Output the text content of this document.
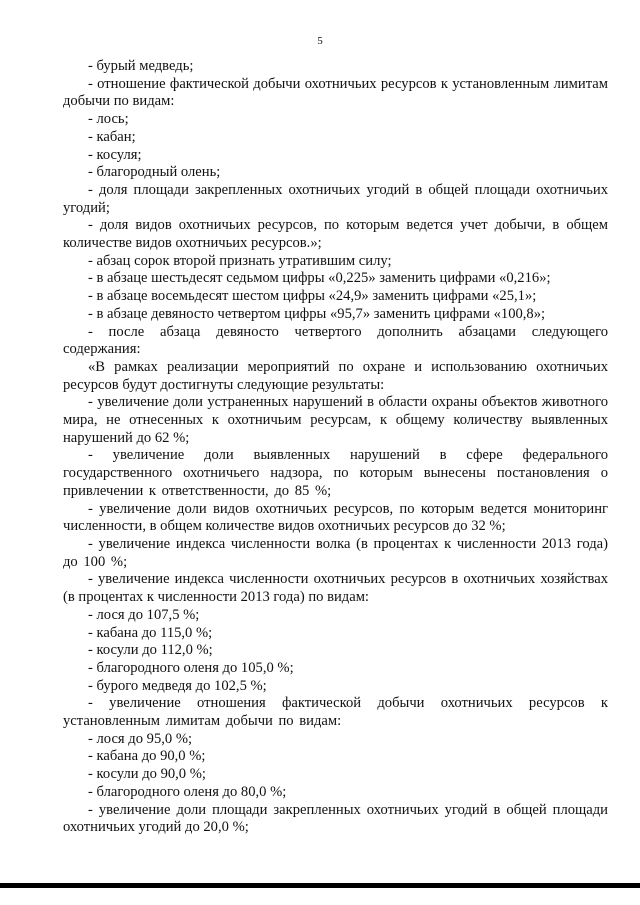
5

- бурый медведь;

- отношение фактической добычи охотничьих ресурсов к установленным лимитам добычи по видам:

- лось;

- кабан;

- косуля;

- благородный олень;

- доля площади закрепленных охотничьих угодий в общей площади охотничьих угодий;

- доля видов охотничьих ресурсов, по которым ведется учет добычи, в общем количестве видов охотничьих ресурсов.»;

- абзац сорок второй признать утратившим силу;

- в абзаце шестьдесят седьмом цифры «0,225» заменить цифрами «0,216»;

- в абзаце восемьдесят шестом цифры «24,9» заменить цифрами «25,1»;

- в абзаце девяносто четвертом цифры «95,7» заменить цифрами «100,8»;

- после абзаца девяносто четвертого дополнить абзацами следующего содержания:

«В рамках реализации мероприятий по охране и использованию охотничьих ресурсов будут достигнуты следующие результаты:

- увеличение доли устраненных нарушений в области охраны объектов животного мира, не отнесенных к охотничьим ресурсам, к общему количеству выявленных нарушений до 62 %;

- увеличение доли выявленных нарушений в сфере федерального государственного охотничьего надзора, по которым вынесены постановления о привлечении к ответственности, до 85 %;

- увеличение доли видов охотничьих ресурсов, по которым ведется мониторинг численности, в общем количестве видов охотничьих ресурсов до 32 %;

- увеличение индекса численности волка (в процентах к численности 2013 года) до 100 %;

- увеличение индекса численности охотничьих ресурсов в охотничьих хозяйствах (в процентах к численности 2013 года) по видам:

- лося до 107,5 %;

- кабана до 115,0 %;

- косули до 112,0 %;

- благородного оленя до 105,0 %;

- бурого медведя до 102,5 %;

- увеличение отношения фактической добычи охотничьих ресурсов к установленным лимитам добычи по видам:

- лося до 95,0 %;

- кабана до 90,0 %;

- косули до 90,0 %;

- благородного оленя до 80,0 %;

- увеличение доли площади закрепленных охотничьих угодий в общей площади охотничьих угодий до 20,0 %;
